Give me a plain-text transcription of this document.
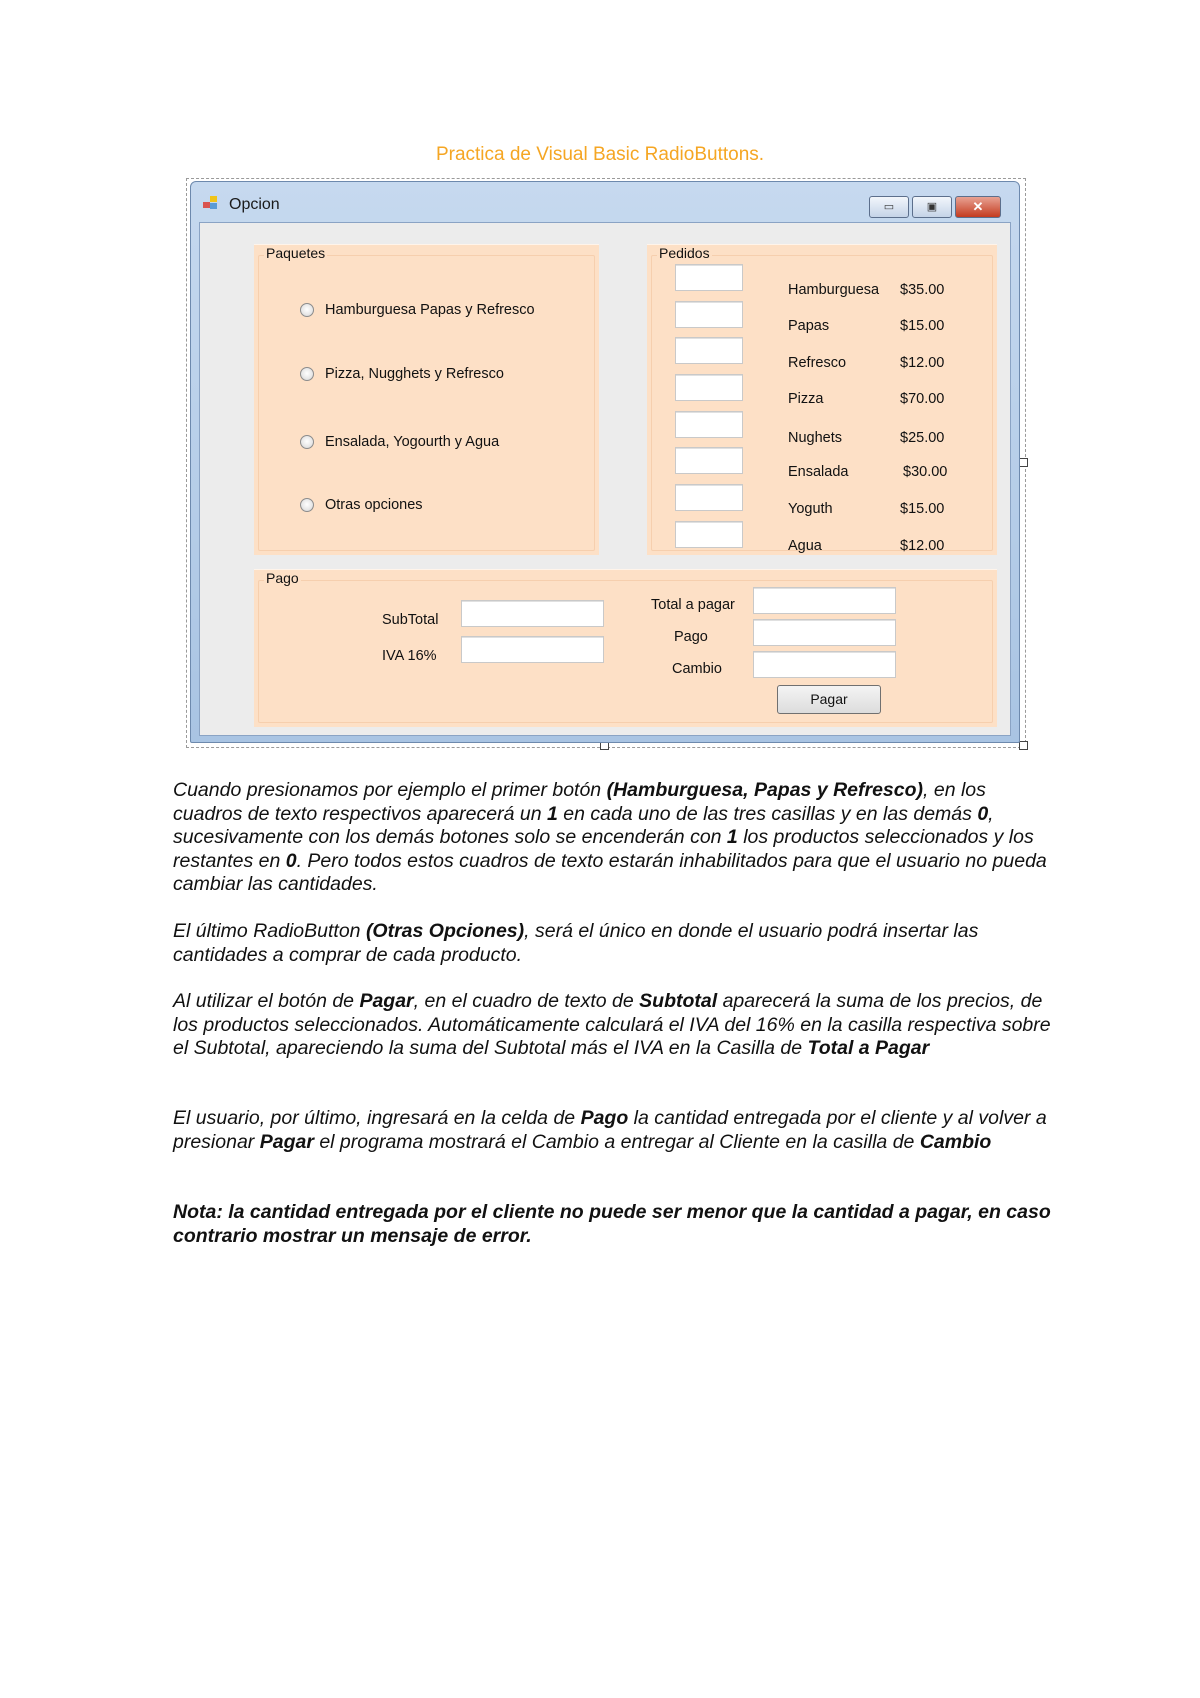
Practica de Visual Basic RadioButtons.
Opcion	▭	▣	✕
Paquetes
Hamburguesa Papas y Refresco
Pizza, Nugghets y Refresco
Ensalada, Yogourth y Agua
Otras opciones
Pedidos
Hamburguesa $35.00
Papas	$15.00
Refresco	$12.00
Pizza	$70.00
Nughets	$25.00
Ensalada	$30.00
Yoguth	$15.00
Agua	$12.00
Pago
SubTotal
IVA 16%
Total a pagar
Pago
Cambio
Pagar
Cuando presionamos por ejemplo el primer botón (Hamburguesa, Papas y Refresco), en los cuadros de texto respectivos aparecerá un 1 en cada uno de las tres casillas y en las demás 0, sucesivamente con los demás botones solo se encenderán con 1 los productos seleccionados y los restantes en 0. Pero todos estos cuadros de texto estarán inhabilitados para que el usuario no pueda cambiar las cantidades.
El último RadioButton (Otras Opciones), será el único en donde el usuario podrá insertar las cantidades a comprar de cada producto.
Al utilizar el botón de Pagar, en el cuadro de texto de Subtotal aparecerá la suma de los precios, de los productos seleccionados. Automáticamente calculará el IVA del 16% en la casilla respectiva sobre el Subtotal, apareciendo la suma del Subtotal más el IVA en la Casilla de Total a Pagar
El usuario, por último, ingresará en la celda de Pago la cantidad entregada por el cliente y al volver a presionar Pagar el programa mostrará el Cambio a entregar al Cliente en la casilla de Cambio
Nota: la cantidad entregada por el cliente no puede ser menor que la cantidad a pagar, en caso contrario mostrar un mensaje de error.
